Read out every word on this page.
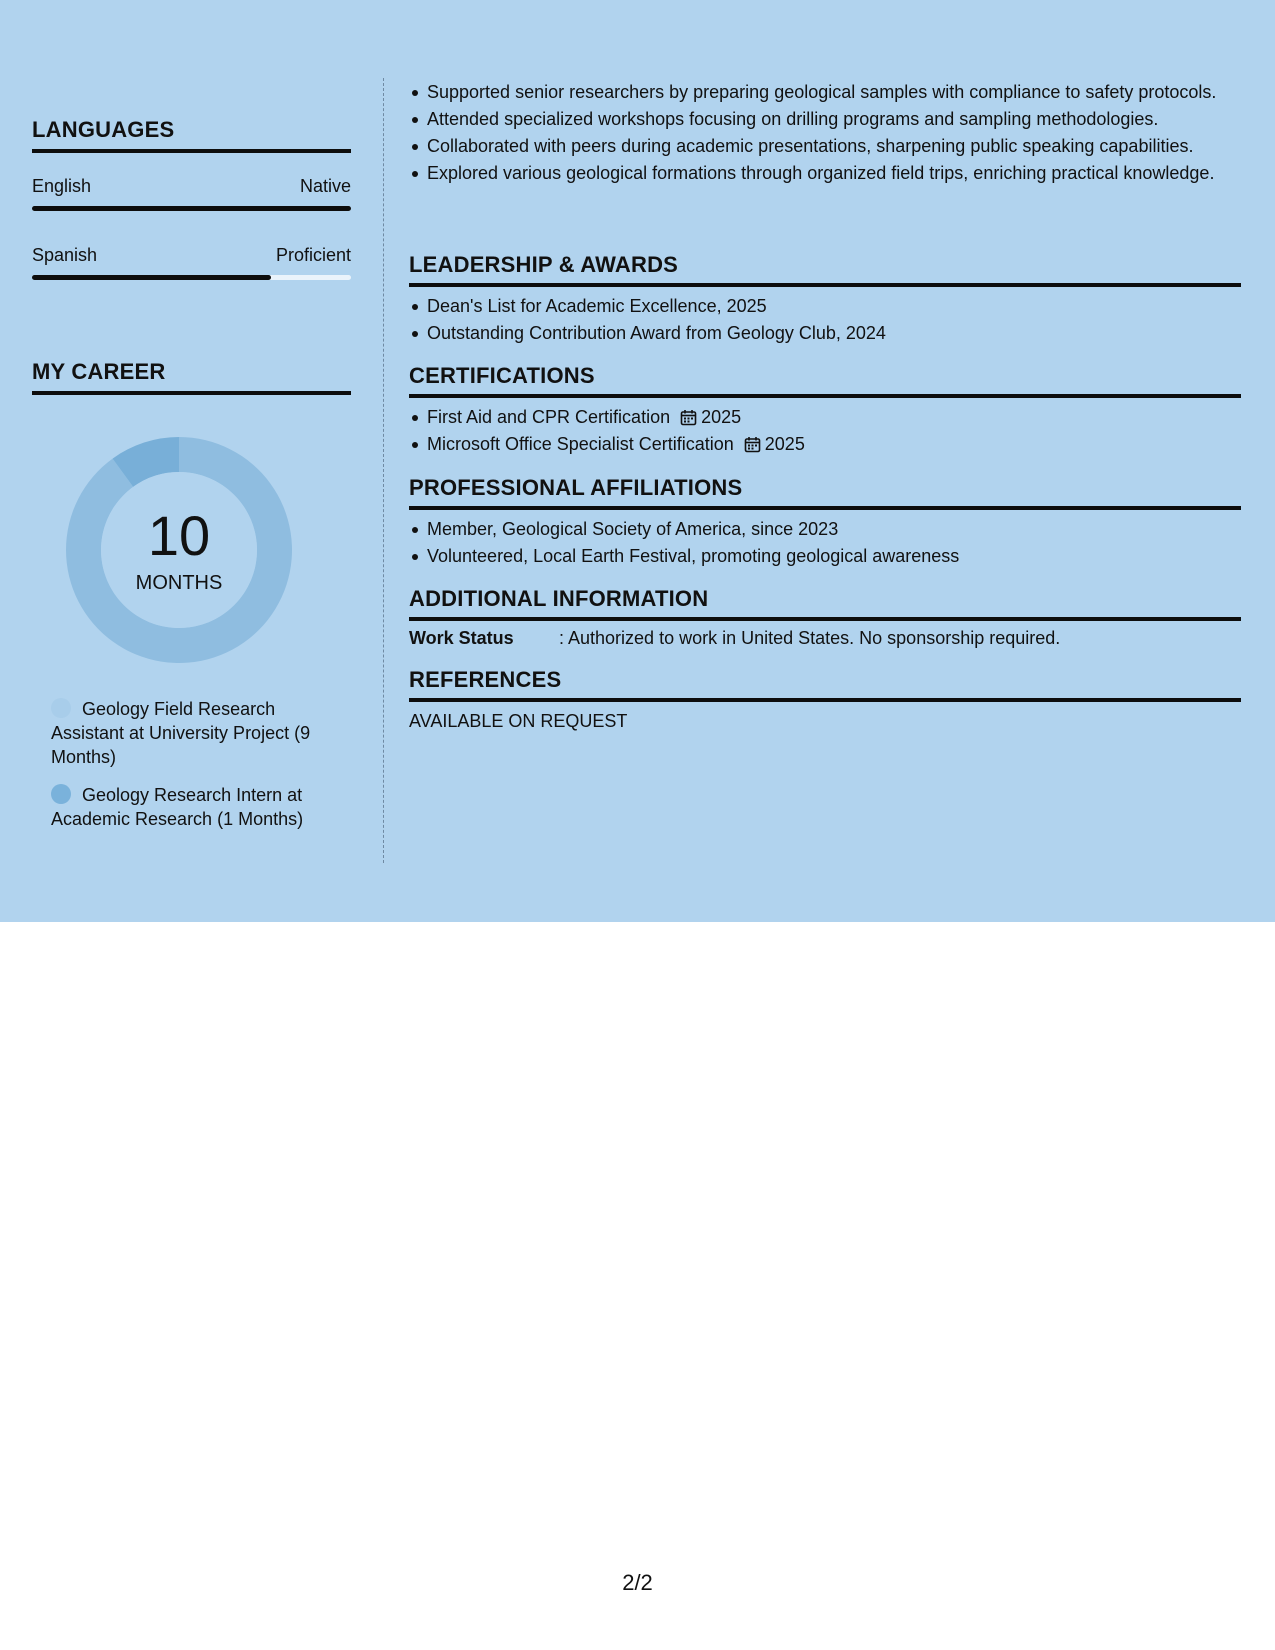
LANGUAGES
English	Native
Spanish	Proficient
MY CAREER
10
MONTHS
Geology Field Research Assistant at University Project (9 Months)
Geology Research Intern at Academic Research (1 Months)
Supported senior researchers by preparing geological samples with compliance to safety protocols.
Attended specialized workshops focusing on drilling programs and sampling methodologies.
Collaborated with peers during academic presentations, sharpening public speaking capabilities.
Explored various geological formations through organized field trips, enriching practical knowledge.
LEADERSHIP & AWARDS
Dean's List for Academic Excellence, 2025
Outstanding Contribution Award from Geology Club, 2024
CERTIFICATIONS
First Aid and CPR Certification 2025
Microsoft Office Specialist Certification 2025
PROFESSIONAL AFFILIATIONS
Member, Geological Society of America, since 2023
Volunteered, Local Earth Festival, promoting geological awareness
ADDITIONAL INFORMATION
Work Status	: Authorized to work in United States. No sponsorship required.
REFERENCES
AVAILABLE ON REQUEST
2/2
